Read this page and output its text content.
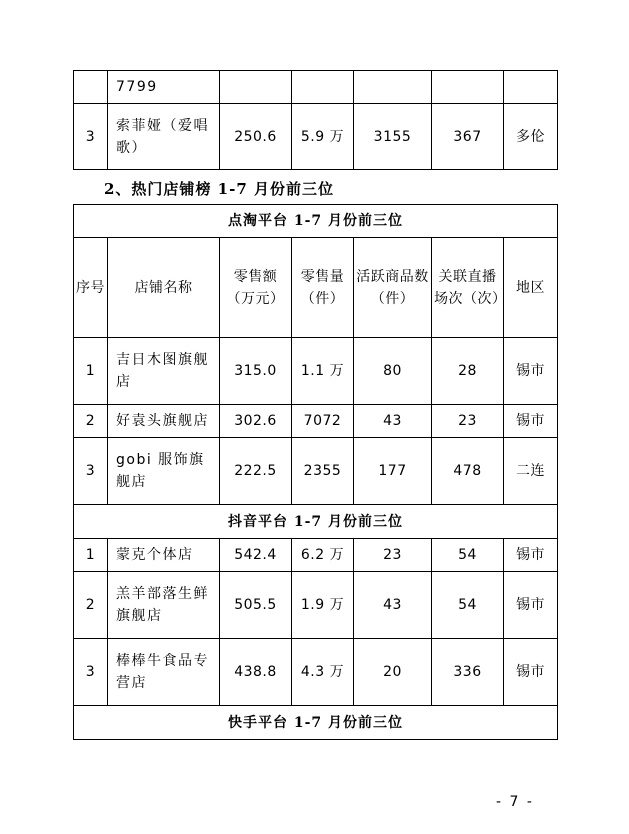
	7799					
3	索菲娅（爱唱歌）	250.6	5.9 万	3155	367	多伦

2、热门店铺榜 1-7 月份前三位

点淘平台 1-7 月份前三位						
序号	店铺名称	零售额（万元）	零售量（件）	活跃商品数（件）	关联直播场次（次）	地区
1	吉日木图旗舰店	315.0	1.1 万	80	28	锡市
2	好袁头旗舰店	302.6	7072	43	23	锡市
3	gobi 服饰旗舰店	222.5	2355	177	478	二连
抖音平台 1-7 月份前三位						
1	蒙克个体店	542.4	6.2 万	23	54	锡市
2	羔羊部落生鲜旗舰店	505.5	1.9 万	43	54	锡市
3	棒棒牛食品专营店	438.8	4.3 万	20	336	锡市
快手平台 1-7 月份前三位						
- 7 -
